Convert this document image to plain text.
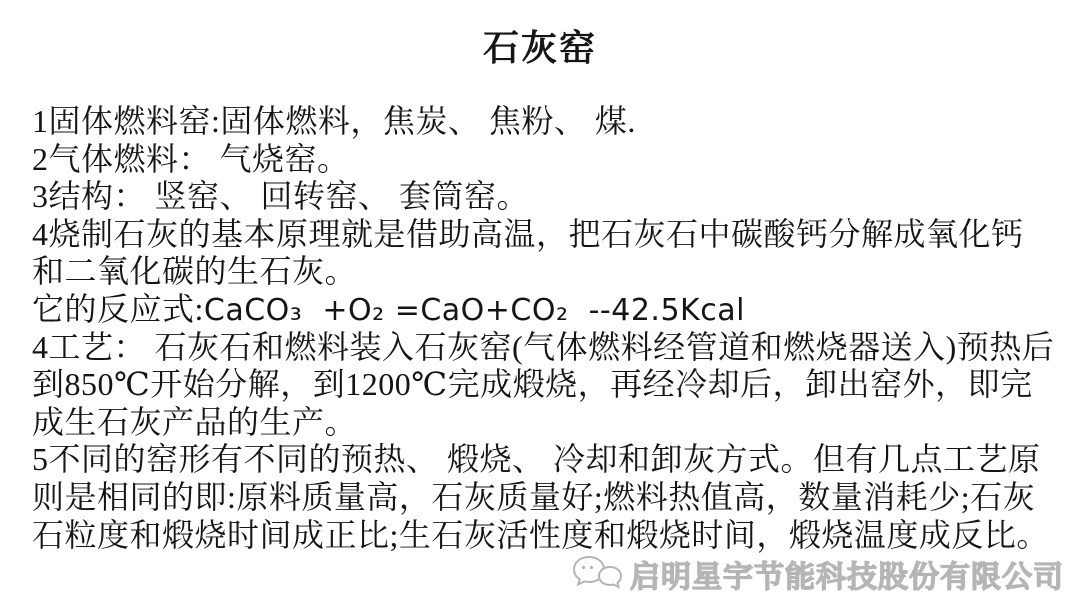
石灰窑
1固体燃料窑:固体燃料，焦炭、 焦粉、 煤.
2气体燃料： 气烧窑。
3结构： 竖窑、 回转窑、 套筒窑。
4烧制石灰的基本原理就是借助高温，把石灰石中碳酸钙分解成氧化钙
和二氧化碳的生石灰。
它的反应式:CaCO₃  +O₂ =CaO+CO₂  --42.5Kcal
4工艺： 石灰石和燃料装入石灰窑(气体燃料经管道和燃烧器送入)预热后
到850℃开始分解，到1200℃完成煅烧，再经冷却后，卸出窑外，即完
成生石灰产品的生产。
5不同的窑形有不同的预热、 煅烧、 冷却和卸灰方式。但有几点工艺原
则是相同的即:原料质量高，石灰质量好;燃料热值高，数量消耗少;石灰
石粒度和煅烧时间成正比;生石灰活性度和煅烧时间，煅烧温度成反比。
启明星宇节能科技股份有限公司
